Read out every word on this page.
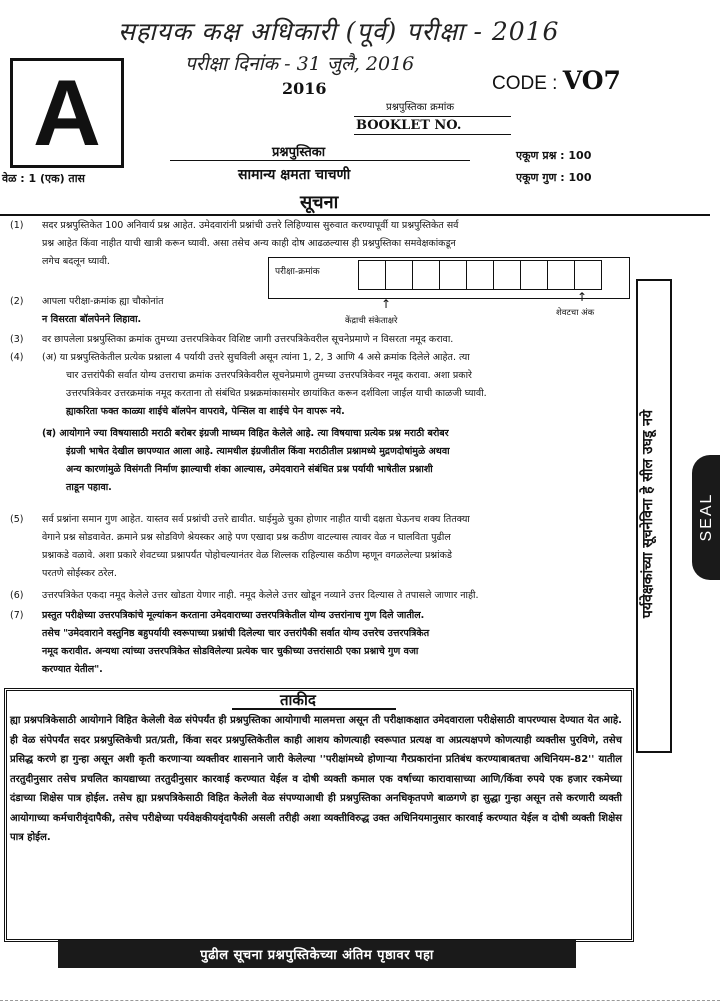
सहायक कक्ष अधिकारी (पूर्व) परीक्षा - 2016
परीक्षा दिनांक - 31 जुलै, 2016
A	2016	CODE : VO7
प्रश्नपुस्तिका क्रमांक
BOOKLET NO.
प्रश्नपुस्तिका
सामान्य क्षमता चाचणी
वेळ : 1 (एक) तास
एकूण प्रश्न : 100
एकूण गुण : 100
सूचना
(1) सदर प्रश्नपुस्तिकेत 100 अनिवार्य प्रश्न आहेत. उमेदवारांनी प्रश्नांची उत्तरे लिहिण्यास सुरुवात करण्यापूर्वी या प्रश्नपुस्तिकेत सर्व
प्रश्न आहेत किंवा नाहीत याची खात्री करून घ्यावी. असा तसेच अन्य काही दोष आढळल्यास ही प्रश्नपुस्तिका समवेक्षकांकडून
लगेच बदलून घ्यावी.
(2) आपला परीक्षा-क्रमांक ह्या चौकोनांत
न विसरता बॉलपेनने लिहावा.
परीक्षा-क्रमांक
↑	↑
केंद्राची संकेताक्षरे
शेवटचा अंक
(3) वर छापलेला प्रश्नपुस्तिका क्रमांक तुमच्या उत्तरपत्रिकेवर विशिष्ट जागी उत्तरपत्रिकेवरील सूचनेप्रमाणे न विसरता नमूद करावा.
(4) (अ) या प्रश्नपुस्तिकेतील प्रत्येक प्रश्नाला 4 पर्यायी उत्तरे सुचविली असून त्यांना 1, 2, 3 आणि 4 असे क्रमांक दिलेले आहेत. त्या
चार उत्तरांपैकी सर्वात योग्य उत्तराचा क्रमांक उत्तरपत्रिकेवरील सूचनेप्रमाणे तुमच्या उत्तरपत्रिकेवर नमूद करावा. अशा प्रकारे
उत्तरपत्रिकेवर उत्तरक्रमांक नमूद करताना तो संबंधित प्रश्नक्रमांकासमोर छायांकित करून दर्शविला जाईल याची काळजी घ्यावी.
ह्याकरिता फक्त काळ्या शाईचे बॉलपेन वापरावे, पेन्सिल वा शाईचे पेन वापरू नये.
(ब) आयोगाने ज्या विषयासाठी मराठी बरोबर इंग्रजी माध्यम विहित केलेले आहे. त्या विषयाचा प्रत्येक प्रश्न मराठी बरोबर
इंग्रजी भाषेत देखील छापण्यात आला आहे. त्यामधील इंग्रजीतील किंवा मराठीतील प्रश्नामध्ये मुद्रणदोषांमुळे अथवा
अन्य कारणांमुळे विसंगती निर्माण झाल्याची शंका आल्यास, उमेदवाराने संबंधित प्रश्न पर्यायी भाषेतील प्रश्नाशी
ताडून पहावा.
(5) सर्व प्रश्नांना समान गुण आहेत. यास्तव सर्व प्रश्नांची उत्तरे द्यावीत. घाईमुळे चुका होणार नाहीत याची दक्षता घेऊनच शक्य तितक्या
वेगाने प्रश्न सोडवावेत. क्रमाने प्रश्न सोडविणे श्रेयस्कर आहे पण एखादा प्रश्न कठीण वाटल्यास त्यावर वेळ न घालविता पुढील
प्रश्नाकडे वळावे. अशा प्रकारे शेवटच्या प्रश्नापर्यंत पोहोचल्यानंतर वेळ शिल्लक राहिल्यास कठीण म्हणून वगळलेल्या प्रश्नांकडे
परतणे सोईस्कर ठरेल.
(6) उत्तरपत्रिकेत एकदा नमूद केलेले उत्तर खोडता येणार नाही. नमूद केलेले उत्तर खोडून नव्याने उत्तर दिल्यास ते तपासले जाणार नाही.
(7) प्रस्तुत परीक्षेच्या उत्तरपत्रिकांचे मूल्यांकन करताना उमेदवाराच्या उत्तरपत्रिकेतील योग्य उत्तरांनाच गुण दिले जातील.
तसेच "उमेदवाराने वस्तुनिष्ठ बहुपर्यायी स्वरूपाच्या प्रश्नांची दिलेल्या चार उत्तरांपैकी सर्वात योग्य उत्तरेच उत्तरपत्रिकेत
नमूद करावीत. अन्यथा त्यांच्या उत्तरपत्रिकेत सोडविलेल्या प्रत्येक चार चुकीच्या उत्तरांसाठी एका प्रश्नाचे गुण वजा
करण्यात येतील".
पर्यवेक्षकांच्या सूचनेविना हे सील उघडू नये	SEAL
ताकीद
ह्या प्रश्नपत्रिकेसाठी आयोगाने विहित केलेली वेळ संपेपर्यंत ही प्रश्नपुस्तिका आयोगाची मालमत्ता असून ती परीक्षाकक्षात उमेदवाराला परीक्षेसाठी वापरण्यास देण्यात येत आहे. ही वेळ संपेपर्यंत सदर प्रश्नपुस्तिकेची प्रत/प्रती, किंवा सदर प्रश्नपुस्तिकेतील काही आशय कोणत्याही स्वरूपात प्रत्यक्ष वा अप्रत्यक्षपणे कोणत्याही व्यक्तीस पुरविणे, तसेच प्रसिद्ध करणे हा गुन्हा असून अशी कृती करणाऱ्या व्यक्तीवर शासनाने जारी केलेल्या ''परीक्षांमध्ये होणाऱ्या गैरप्रकारांना प्रतिबंध करण्याबाबतचा अधिनियम-82'' यातील तरतुदीनुसार तसेच प्रचलित कायद्याच्या तरतुदीनुसार कारवाई करण्यात येईल व दोषी व्यक्ती कमाल एक वर्षाच्या कारावासाच्या आणि/किंवा रुपये एक हजार रकमेच्या दंडाच्या शिक्षेस पात्र होईल. तसेच ह्या प्रश्नपत्रिकेसाठी विहित केलेली वेळ संपण्याआधी ही प्रश्नपुस्तिका अनधिकृतपणे बाळगणे हा सुद्धा गुन्हा असून तसे करणारी व्यक्ती आयोगाच्या कर्मचारीवृंदापैकी, तसेच परीक्षेच्या पर्यवेक्षकीयवृंदापैकी असली तरीही अशा व्यक्तीविरुद्ध उक्त अधिनियमानुसार कारवाई करण्यात येईल व दोषी व्यक्ती शिक्षेस पात्र होईल.
पुढील सूचना प्रश्नपुस्तिकेच्या अंतिम पृष्ठावर पहा
